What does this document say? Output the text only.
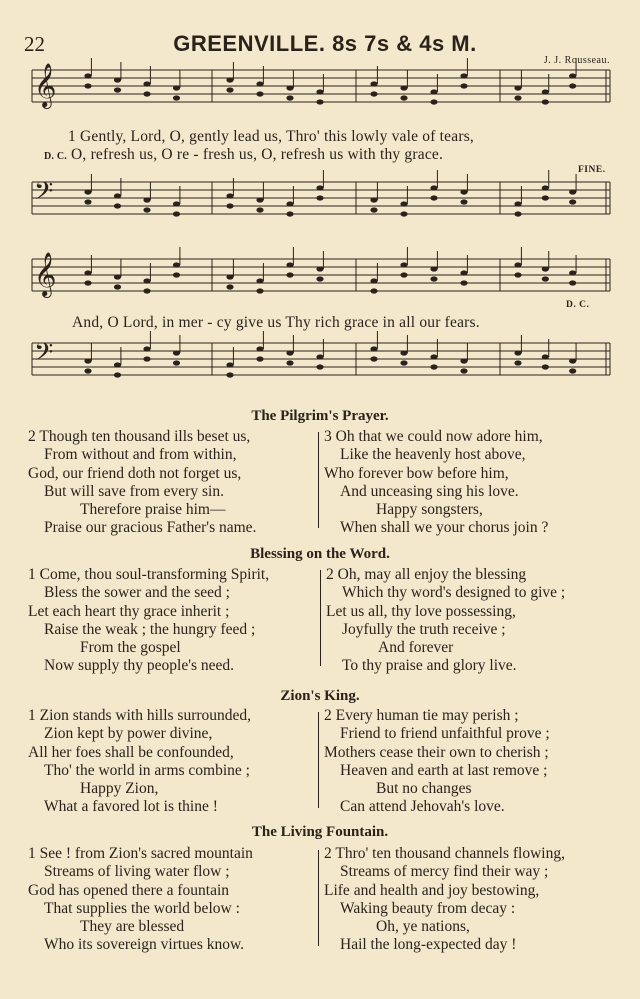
22	GREENVILLE. 8s 7s & 4s M.
J. J. Rousseau.
𝄞
𝄢
𝄞
𝄢
FINE.
D. C.
1 Gently, Lord, O, gently lead us, Thro' this lowly vale of tears,
D. C. O, refresh us, O re - fresh us, O, refresh us with thy grace.
And, O Lord, in mer - cy give us Thy rich grace in all our fears.
The Pilgrim's Prayer.
2 Though ten thousand ills beset us,
From without and from within,
God, our friend doth not forget us,
But will save from every sin.
Therefore praise him—
Praise our gracious Father's name.
3 Oh that we could now adore him,
Like the heavenly host above,
Who forever bow before him,
And unceasing sing his love.
Happy songsters,
When shall we your chorus join ?
Blessing on the Word.
1 Come, thou soul-transforming Spirit,
Bless the sower and the seed ;
Let each heart thy grace inherit ;
Raise the weak ; the hungry feed ;
From the gospel
Now supply thy people's need.
2 Oh, may all enjoy the blessing
Which thy word's designed to give ;
Let us all, thy love possessing,
Joyfully the truth receive ;
And forever
To thy praise and glory live.
Zion's King.
1 Zion stands with hills surrounded,
Zion kept by power divine,
All her foes shall be confounded,
Tho' the world in arms combine ;
Happy Zion,
What a favored lot is thine !
2 Every human tie may perish ;
Friend to friend unfaithful prove ;
Mothers cease their own to cherish ;
Heaven and earth at last remove ;
But no changes
Can attend Jehovah's love.
The Living Fountain.
1 See ! from Zion's sacred mountain
Streams of living water flow ;
God has opened there a fountain
That supplies the world below :
They are blessed
Who its sovereign virtues know.
2 Thro' ten thousand channels flowing,
Streams of mercy find their way ;
Life and health and joy bestowing,
Waking beauty from decay :
Oh, ye nations,
Hail the long-expected day !
